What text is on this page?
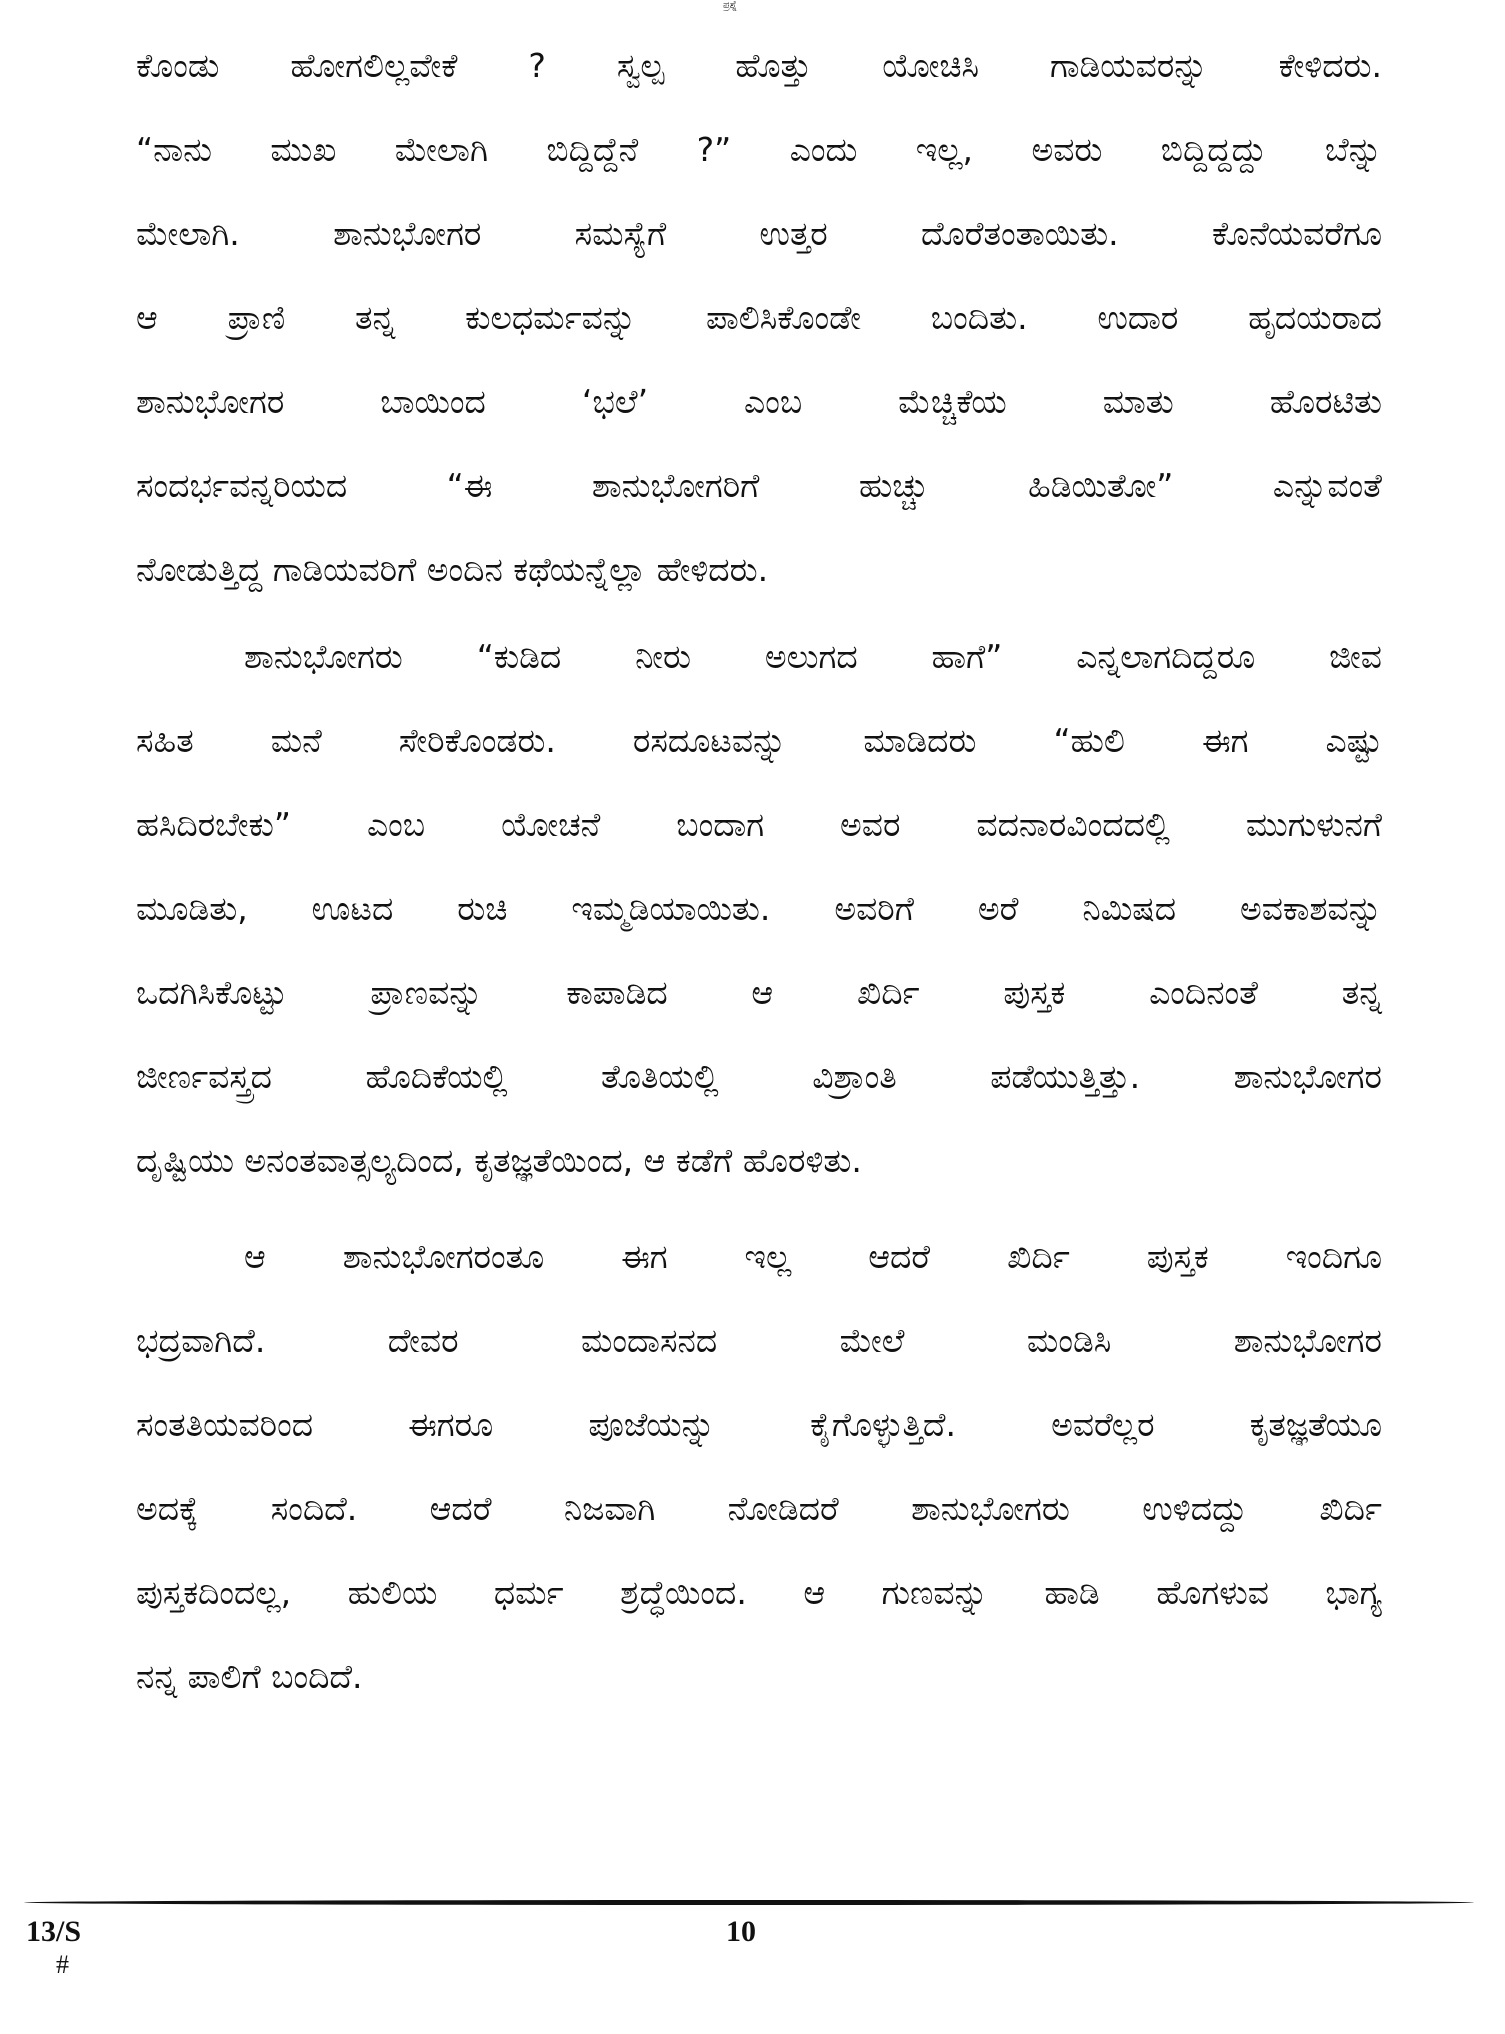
ಪ್ರಶ್ನೆ
ಕೊಂಡು ಹೋಗಲಿಲ್ಲವೇಕೆ ? ಸ್ವಲ್ಪ ಹೊತ್ತು ಯೋಚಿಸಿ ಗಾಡಿಯವರನ್ನು ಕೇಳಿದರು.
“ನಾನು ಮುಖ ಮೇಲಾಗಿ ಬಿದ್ದಿದ್ದೆನೆ ?” ಎಂದು ಇಲ್ಲ, ಅವರು ಬಿದ್ದಿದ್ದದ್ದು ಬೆನ್ನು
ಮೇಲಾಗಿ. ಶಾನುಭೋಗರ ಸಮಸ್ಯೆಗೆ ಉತ್ತರ ದೊರೆತಂತಾಯಿತು. ಕೊನೆಯವರೆಗೂ
ಆ ಪ್ರಾಣಿ ತನ್ನ ಕುಲಧರ್ಮವನ್ನು ಪಾಲಿಸಿಕೊಂಡೇ ಬಂದಿತು. ಉದಾರ ಹೃದಯರಾದ
ಶಾನುಭೋಗರ ಬಾಯಿಂದ ‘ಭಲೆ’ ಎಂಬ ಮೆಚ್ಚಿಕೆಯ ಮಾತು ಹೊರಟಿತು
ಸಂದರ್ಭವನ್ನರಿಯದ “ಈ ಶಾನುಭೋಗರಿಗೆ ಹುಚ್ಚು ಹಿಡಿಯಿತೋ” ಎನ್ನುವಂತೆ
ನೋಡುತ್ತಿದ್ದ ಗಾಡಿಯವರಿಗೆ ಅಂದಿನ ಕಥೆಯನ್ನೆಲ್ಲಾ ಹೇಳಿದರು.
ಶಾನುಭೋಗರು “ಕುಡಿದ ನೀರು ಅಲುಗದ ಹಾಗೆ” ಎನ್ನಲಾಗದಿದ್ದರೂ ಜೀವ
ಸಹಿತ ಮನೆ ಸೇರಿಕೊಂಡರು. ರಸದೂಟವನ್ನು ಮಾಡಿದರು “ಹುಲಿ ಈಗ ಎಷ್ಟು
ಹಸಿದಿರಬೇಕು” ಎಂಬ ಯೋಚನೆ ಬಂದಾಗ ಅವರ ವದನಾರವಿಂದದಲ್ಲಿ ಮುಗುಳುನಗೆ
ಮೂಡಿತು, ಊಟದ ರುಚಿ ಇಮ್ಮಡಿಯಾಯಿತು. ಅವರಿಗೆ ಅರೆ ನಿಮಿಷದ ಅವಕಾಶವನ್ನು
ಒದಗಿಸಿಕೊಟ್ಟು ಪ್ರಾಣವನ್ನು ಕಾಪಾಡಿದ ಆ ಖಿರ್ದಿ ಪುಸ್ತಕ ಎಂದಿನಂತೆ ತನ್ನ
ಜೀರ್ಣವಸ್ತ್ರದ ಹೊದಿಕೆಯಲ್ಲಿ ತೊತಿಯಲ್ಲಿ ವಿಶ್ರಾಂತಿ ಪಡೆಯುತ್ತಿತ್ತು. ಶಾನುಭೋಗರ
ದೃಷ್ಟಿಯು ಅನಂತವಾತ್ಸಲ್ಯದಿಂದ, ಕೃತಜ್ಞತೆಯಿಂದ, ಆ ಕಡೆಗೆ ಹೊರಳಿತು.
ಆ ಶಾನುಭೋಗರಂತೂ ಈಗ ಇಲ್ಲ ಆದರೆ ಖಿರ್ದಿ ಪುಸ್ತಕ ಇಂದಿಗೂ
ಭದ್ರವಾಗಿದೆ. ದೇವರ ಮಂದಾಸನದ ಮೇಲೆ ಮಂಡಿಸಿ ಶಾನುಭೋಗರ
ಸಂತತಿಯವರಿಂದ ಈಗರೂ ಪೂಜೆಯನ್ನು ಕೈಗೊಳ್ಳುತ್ತಿದೆ. ಅವರೆಲ್ಲರ ಕೃತಜ್ಞತೆಯೂ
ಅದಕ್ಕೆ ಸಂದಿದೆ. ಆದರೆ ನಿಜವಾಗಿ ನೋಡಿದರೆ ಶಾನುಭೋಗರು ಉಳಿದದ್ದು ಖಿರ್ದಿ
ಪುಸ್ತಕದಿಂದಲ್ಲ, ಹುಲಿಯ ಧರ್ಮ ಶ್ರದ್ಧೆಯಿಂದ. ಆ ಗುಣವನ್ನು ಹಾಡಿ ಹೊಗಳುವ ಭಾಗ್ಯ
ನನ್ನ ಪಾಲಿಗೆ ಬಂದಿದೆ.
13/S
#
10
